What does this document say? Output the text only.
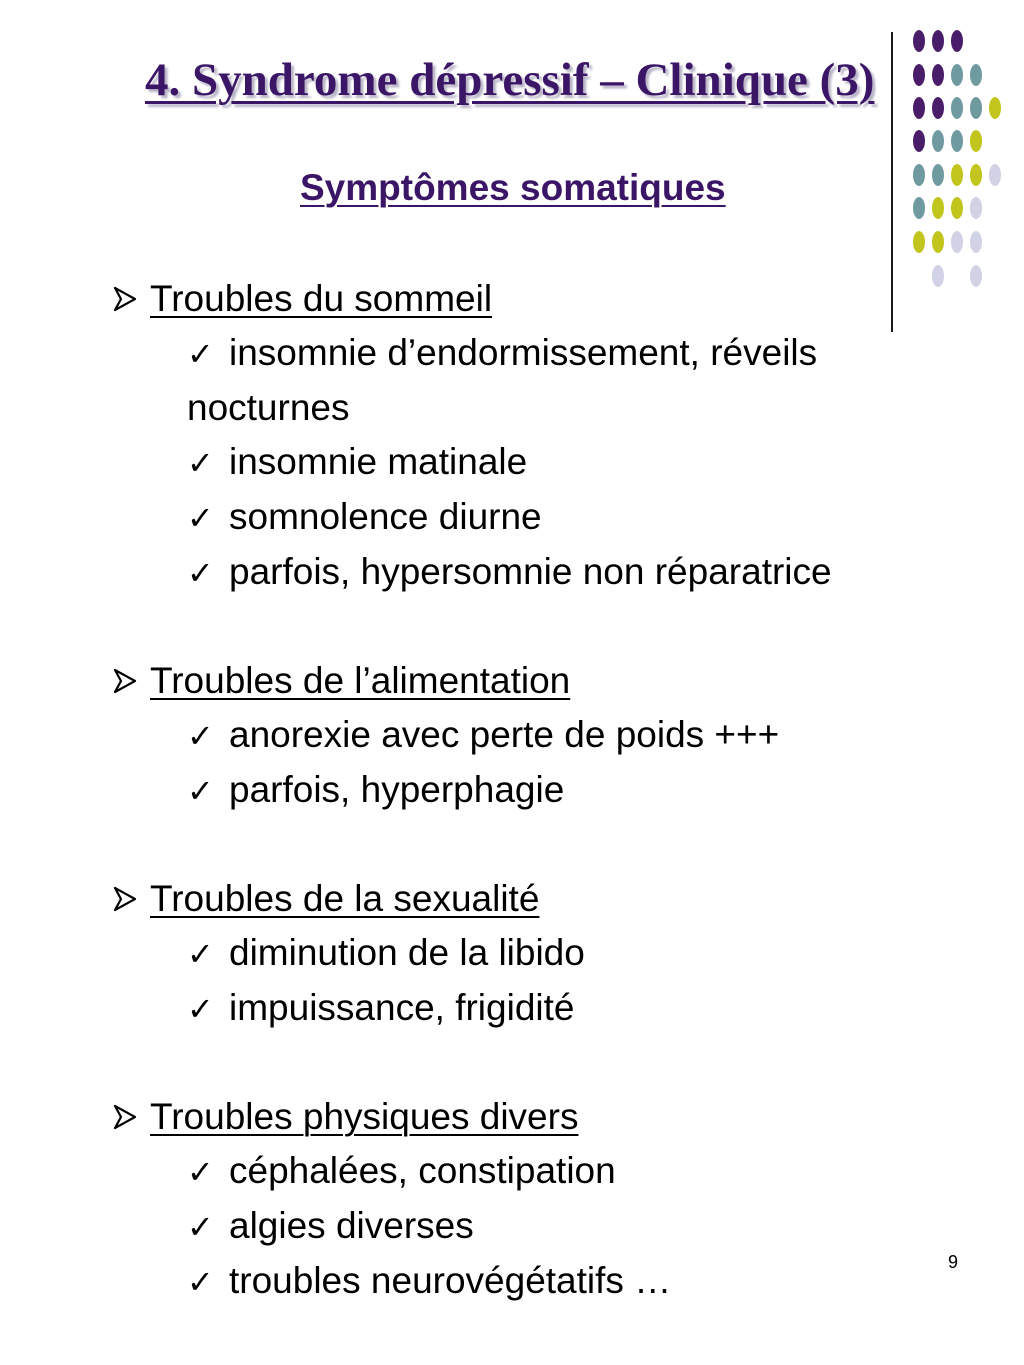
4. Syndrome dépressif – Clinique (3)
Symptômes somatiques
Troubles du sommeil
✓ insomnie d’endormissement, réveils
nocturnes
✓ insomnie matinale
✓ somnolence diurne
✓ parfois, hypersomnie non réparatrice
Troubles de l’alimentation
✓ anorexie avec perte de poids +++
✓ parfois, hyperphagie
Troubles de la sexualité
✓ diminution de la libido
✓ impuissance, frigidité
Troubles physiques divers
✓ céphalées, constipation
✓ algies diverses
✓ troubles neurovégétatifs …	9
